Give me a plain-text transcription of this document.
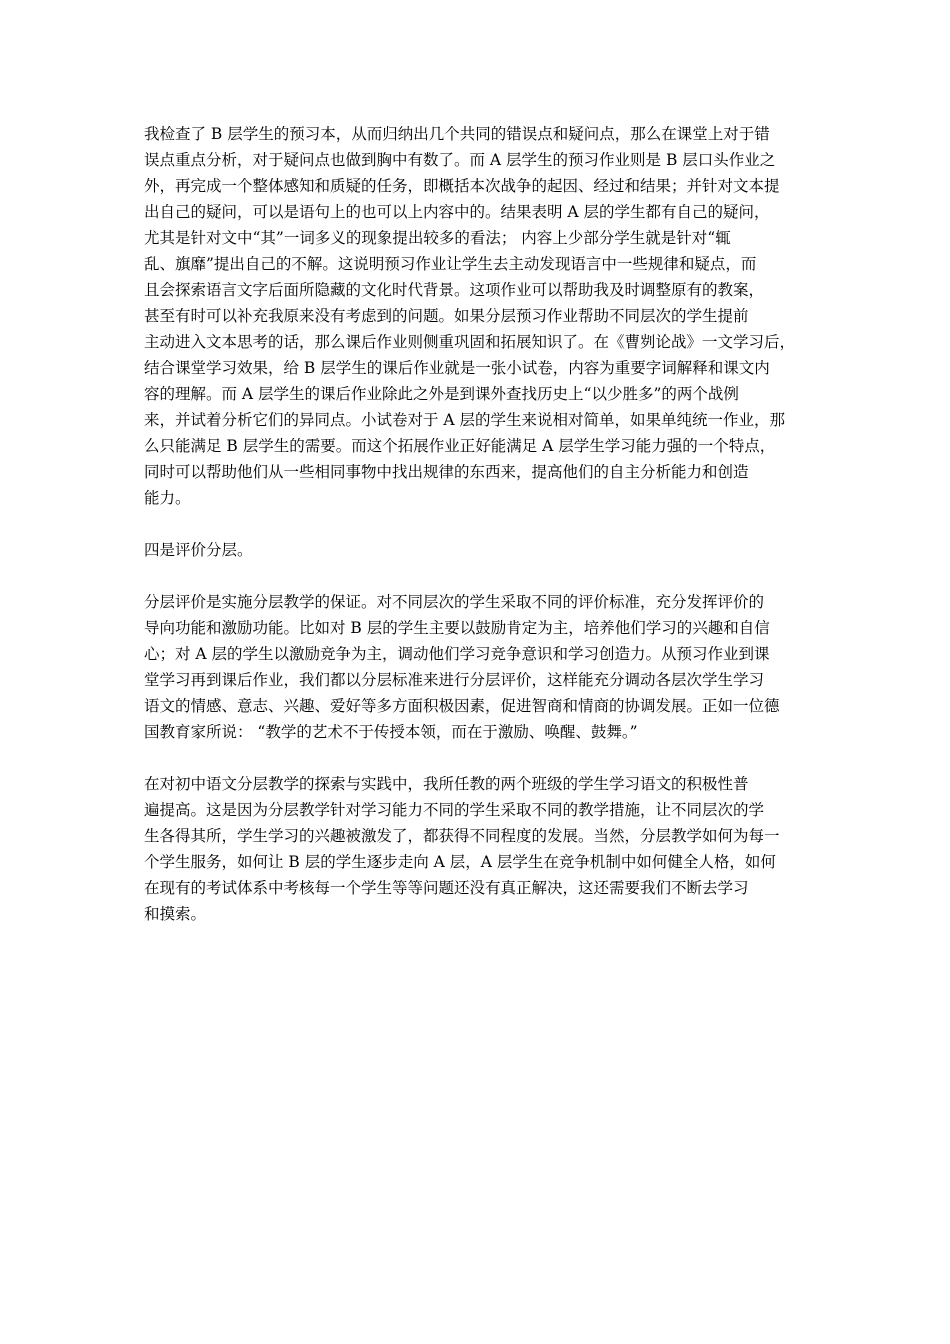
我检查了 B 层学生的预习本，从而归纳出几个共同的错误点和疑问点，那么在课堂上对于错
误点重点分析，对于疑问点也做到胸中有数了。而 A 层学生的预习作业则是 B 层口头作业之
外，再完成一个整体感知和质疑的任务，即概括本次战争的起因、经过和结果；并针对文本提
出自己的疑问，可以是语句上的也可以上内容中的。结果表明 A 层的学生都有自己的疑问，
尤其是针对文中“其”一词多义的现象提出较多的看法； 内容上少部分学生就是针对“辄
乱、旗靡”提出自己的不解。这说明预习作业让学生去主动发现语言中一些规律和疑点，而
且会探索语言文字后面所隐藏的文化时代背景。这项作业可以帮助我及时调整原有的教案，
甚至有时可以补充我原来没有考虑到的问题。如果分层预习作业帮助不同层次的学生提前
主动进入文本思考的话，那么课后作业则侧重巩固和拓展知识了。在《曹刿论战》一文学习后，
结合课堂学习效果，给 B 层学生的课后作业就是一张小试卷，内容为重要字词解释和课文内
容的理解。而 A 层学生的课后作业除此之外是到课外查找历史上“以少胜多”的两个战例
来，并试着分析它们的异同点。小试卷对于 A 层的学生来说相对简单，如果单纯统一作业，那
么只能满足 B 层学生的需要。而这个拓展作业正好能满足 A 层学生学习能力强的一个特点，
同时可以帮助他们从一些相同事物中找出规律的东西来，提高他们的自主分析能力和创造
能力。

四是评价分层。

分层评价是实施分层教学的保证。对不同层次的学生采取不同的评价标准，充分发挥评价的
导向功能和激励功能。比如对 B 层的学生主要以鼓励肯定为主，培养他们学习的兴趣和自信
心；对 A 层的学生以激励竞争为主，调动他们学习竞争意识和学习创造力。从预习作业到课
堂学习再到课后作业，我们都以分层标准来进行分层评价，这样能充分调动各层次学生学习
语文的情感、意志、兴趣、爱好等多方面积极因素，促进智商和情商的协调发展。正如一位德
国教育家所说： “教学的艺术不于传授本领，而在于激励、唤醒、鼓舞。”

在对初中语文分层教学的探索与实践中，我所任教的两个班级的学生学习语文的积极性普
遍提高。这是因为分层教学针对学习能力不同的学生采取不同的教学措施，让不同层次的学
生各得其所，学生学习的兴趣被激发了，都获得不同程度的发展。当然，分层教学如何为每一
个学生服务，如何让 B 层的学生逐步走向 A 层，A 层学生在竞争机制中如何健全人格，如何
在现有的考试体系中考核每一个学生等等问题还没有真正解决，这还需要我们不断去学习
和摸索。
